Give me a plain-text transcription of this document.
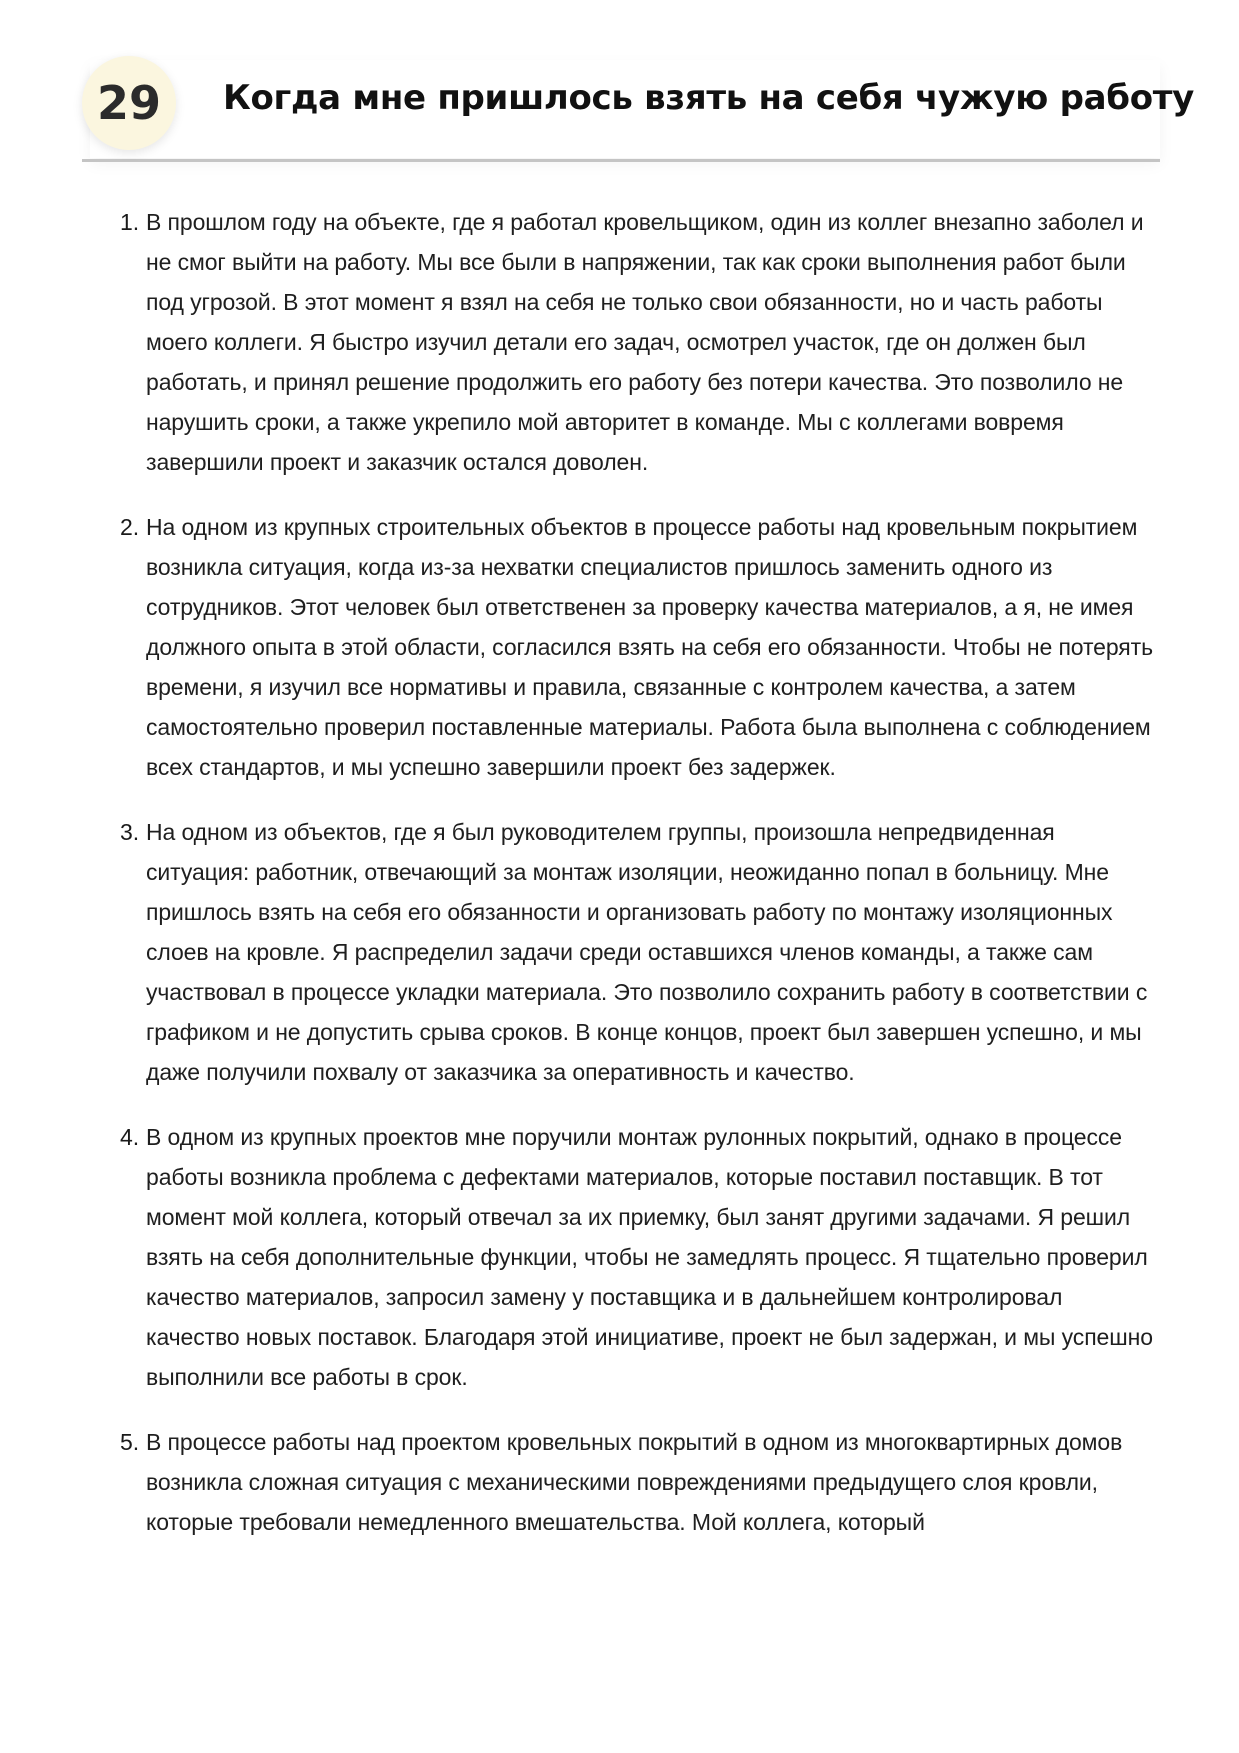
29	Когда мне пришлось взять на себя чужую работу
1. В прошлом году на объекте, где я работал кровельщиком, один из коллег внезапно заболел и не смог выйти на работу. Мы все были в напряжении, так как сроки выполнения работ были под угрозой. В этот момент я взял на себя не только свои обязанности, но и часть работы моего коллеги. Я быстро изучил детали его задач, осмотрел участок, где он должен был работать, и принял решение продолжить его работу без потери качества. Это позволило не нарушить сроки, а также укрепило мой авторитет в команде. Мы с коллегами вовремя завершили проект и заказчик остался доволен.
2. На одном из крупных строительных объектов в процессе работы над кровельным покрытием возникла ситуация, когда из-за нехватки специалистов пришлось заменить одного из сотрудников. Этот человек был ответственен за проверку качества материалов, а я, не имея должного опыта в этой области, согласился взять на себя его обязанности. Чтобы не потерять времени, я изучил все нормативы и правила, связанные с контролем качества, а затем самостоятельно проверил поставленные материалы. Работа была выполнена с соблюдением всех стандартов, и мы успешно завершили проект без задержек.
3. На одном из объектов, где я был руководителем группы, произошла непредвиденная ситуация: работник, отвечающий за монтаж изоляции, неожиданно попал в больницу. Мне пришлось взять на себя его обязанности и организовать работу по монтажу изоляционных слоев на кровле. Я распределил задачи среди оставшихся членов команды, а также сам участвовал в процессе укладки материала. Это позволило сохранить работу в соответствии с графиком и не допустить срыва сроков. В конце концов, проект был завершен успешно, и мы даже получили похвалу от заказчика за оперативность и качество.
4. В одном из крупных проектов мне поручили монтаж рулонных покрытий, однако в процессе работы возникла проблема с дефектами материалов, которые поставил поставщик. В тот момент мой коллега, который отвечал за их приемку, был занят другими задачами. Я решил взять на себя дополнительные функции, чтобы не замедлять процесс. Я тщательно проверил качество материалов, запросил замену у поставщика и в дальнейшем контролировал качество новых поставок. Благодаря этой инициативе, проект не был задержан, и мы успешно выполнили все работы в срок.
5. В процессе работы над проектом кровельных покрытий в одном из многоквартирных домов возникла сложная ситуация с механическими повреждениями предыдущего слоя кровли, которые требовали немедленного вмешательства. Мой коллега, который
